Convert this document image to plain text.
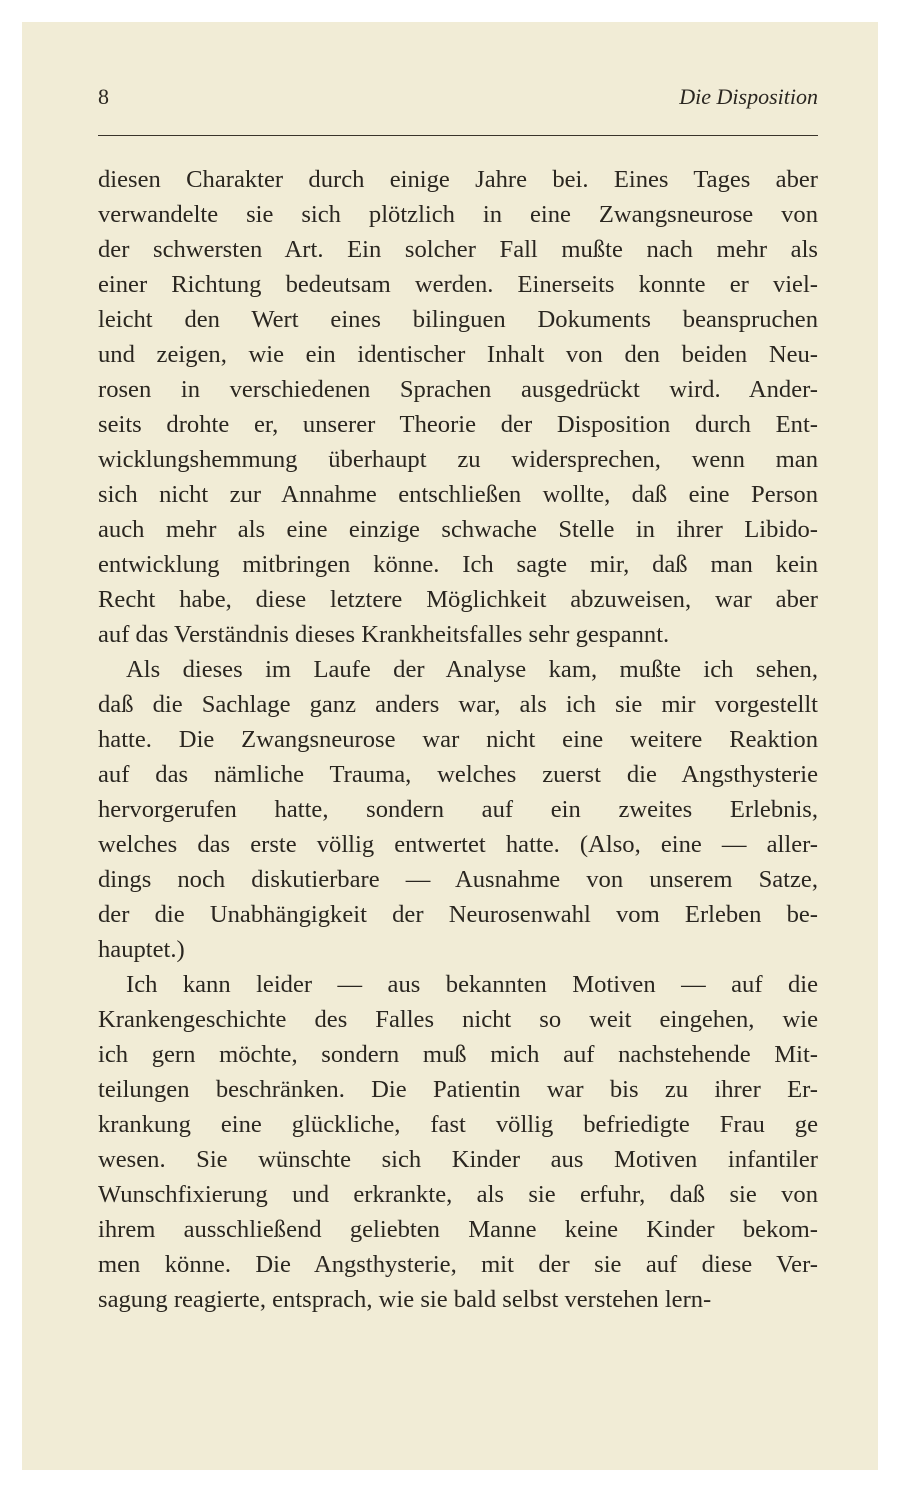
8	Die Disposition
diesen Charakter durch einige Jahre bei. Eines Tages aber
verwandelte sie sich plötzlich in eine Zwangsneurose von
der schwersten Art. Ein solcher Fall mußte nach mehr als
einer Richtung bedeutsam werden. Einerseits konnte er viel-
leicht den Wert eines bilinguen Dokuments beanspruchen
und zeigen, wie ein identischer Inhalt von den beiden Neu-
rosen in verschiedenen Sprachen ausgedrückt wird. Ander-
seits drohte er, unserer Theorie der Disposition durch Ent-
wicklungshemmung überhaupt zu widersprechen, wenn man
sich nicht zur Annahme entschließen wollte, daß eine Person
auch mehr als eine einzige schwache Stelle in ihrer Libido-
entwicklung mitbringen könne. Ich sagte mir, daß man kein
Recht habe, diese letztere Möglichkeit abzuweisen, war aber
auf das Verständnis dieses Krankheitsfalles sehr gespannt.
Als dieses im Laufe der Analyse kam, mußte ich sehen,
daß die Sachlage ganz anders war, als ich sie mir vorgestellt
hatte. Die Zwangsneurose war nicht eine weitere Reaktion
auf das nämliche Trauma, welches zuerst die Angsthysterie
hervorgerufen hatte, sondern auf ein zweites Erlebnis,
welches das erste völlig entwertet hatte. (Also, eine — aller-
dings noch diskutierbare — Ausnahme von unserem Satze,
der die Unabhängigkeit der Neurosenwahl vom Erleben be-
hauptet.)
Ich kann leider — aus bekannten Motiven — auf die
Krankengeschichte des Falles nicht so weit eingehen, wie
ich gern möchte, sondern muß mich auf nachstehende Mit-
teilungen beschränken. Die Patientin war bis zu ihrer Er-
krankung eine glückliche, fast völlig befriedigte Frau ge
wesen. Sie wünschte sich Kinder aus Motiven infantiler
Wunschfixierung und erkrankte, als sie erfuhr, daß sie von
ihrem ausschließend geliebten Manne keine Kinder bekom-
men könne. Die Angsthysterie, mit der sie auf diese Ver-
sagung reagierte, entsprach, wie sie bald selbst verstehen lern-
